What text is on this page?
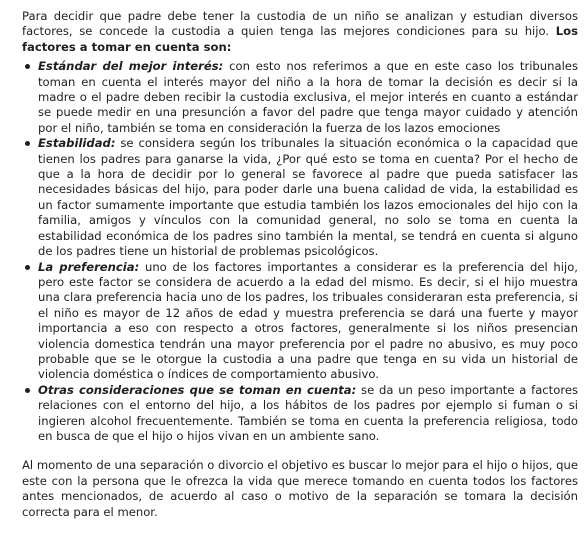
Para decidir que padre debe tener la custodia de un niño se analizan y estudian diversos factores, se concede la custodia a quien tenga las mejores condiciones para su hijo. Los factores a tomar en cuenta son:

Estándar del mejor interés: con esto nos referimos a que en este caso los tribunales toman en cuenta el interés mayor del niño a la hora de tomar la decisión es decir si la madre o el padre deben recibir la custodia exclusiva, el mejor interés en cuanto a estándar se puede medir en una presunción a favor del padre que tenga mayor cuidado y atención por el niño, también se toma en consideración la fuerza de los lazos emociones
Estabilidad: se considera según los tribunales la situación económica o la capacidad que tienen los padres para ganarse la vida, ¿Por qué esto se toma en cuenta? Por el hecho de que a la hora de decidir por lo general se favorece al padre que pueda satisfacer las necesidades básicas del hijo, para poder darle una buena calidad de vida, la estabilidad es un factor sumamente importante que estudia también los lazos emocionales del hijo con la familia, amigos y vínculos con la comunidad general, no solo se toma en cuenta la estabilidad económica de los padres sino también la mental, se tendrá en cuenta si alguno de los padres tiene un historial de problemas psicológicos.
La preferencia: uno de los factores importantes a considerar es la preferencia del hijo, pero este factor se considera de acuerdo a la edad del mismo. Es decir, si el hijo muestra una clara preferencia hacia uno de los padres, los tribuales consideraran esta preferencia, si el niño es mayor de 12 años de edad y muestra preferencia se dará una fuerte y mayor importancia a eso con respecto a otros factores, generalmente si los niños presencian violencia domestica tendrán una mayor preferencia por el padre no abusivo, es muy poco probable que se le otorgue la custodia a una padre que tenga en su vida un historial de violencia doméstica o índices de comportamiento abusivo.
Otras consideraciones que se toman en cuenta: se da un peso importante a factores relaciones con el entorno del hijo, a los hábitos de los padres por ejemplo si fuman o si ingieren alcohol frecuentemente. También se toma en cuenta la preferencia religiosa, todo en busca de que el hijo o hijos vivan en un ambiente sano.

Al momento de una separación o divorcio el objetivo es buscar lo mejor para el hijo o hijos, que este con la persona que le ofrezca la vida que merece tomando en cuenta todos los factores antes mencionados, de acuerdo al caso o motivo de la separación se tomara la decisión correcta para el menor.
